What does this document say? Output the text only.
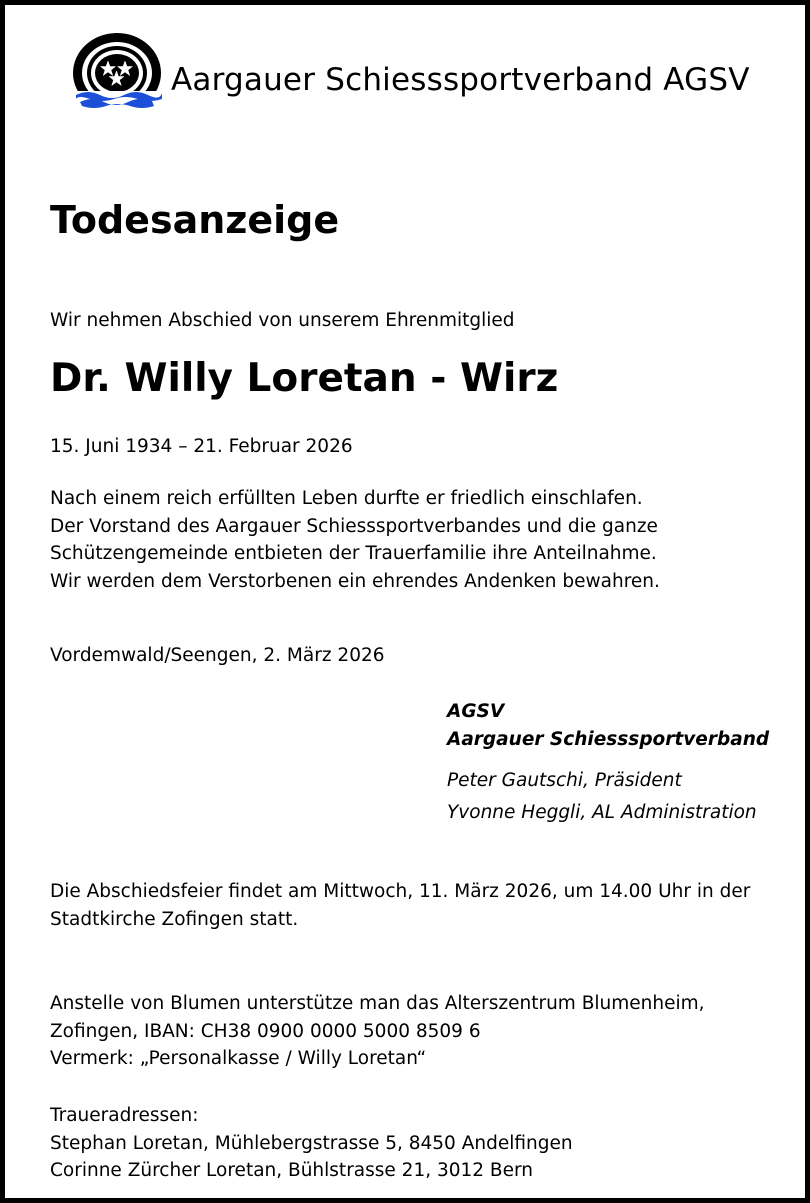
Aargauer Schiesssportverband AGSV
Todesanzeige
Wir nehmen Abschied von unserem Ehrenmitglied
Dr. Willy Loretan - Wirz
15. Juni 1934 – 21. Februar 2026
Nach einem reich erfüllten Leben durfte er friedlich einschlafen.
Der Vorstand des Aargauer Schiesssportverbandes und die ganze
Schützengemeinde entbieten der Trauerfamilie ihre Anteilnahme.
Wir werden dem Verstorbenen ein ehrendes Andenken bewahren.
Vordemwald/Seengen, 2. März 2026
AGSV
Aargauer Schiesssportverband
Peter Gautschi, Präsident
Yvonne Heggli, AL Administration
Die Abschiedsfeier findet am Mittwoch, 11. März 2026, um 14.00 Uhr in der
Stadtkirche Zofingen statt.
Anstelle von Blumen unterstütze man das Alterszentrum Blumenheim,
Zofingen, IBAN: CH38 0900 0000 5000 8509 6
Vermerk: „Personalkasse / Willy Loretan“
Traueradressen:
Stephan Loretan, Mühlebergstrasse 5, 8450 Andelfingen
Corinne Zürcher Loretan, Bühlstrasse 21, 3012 Bern
